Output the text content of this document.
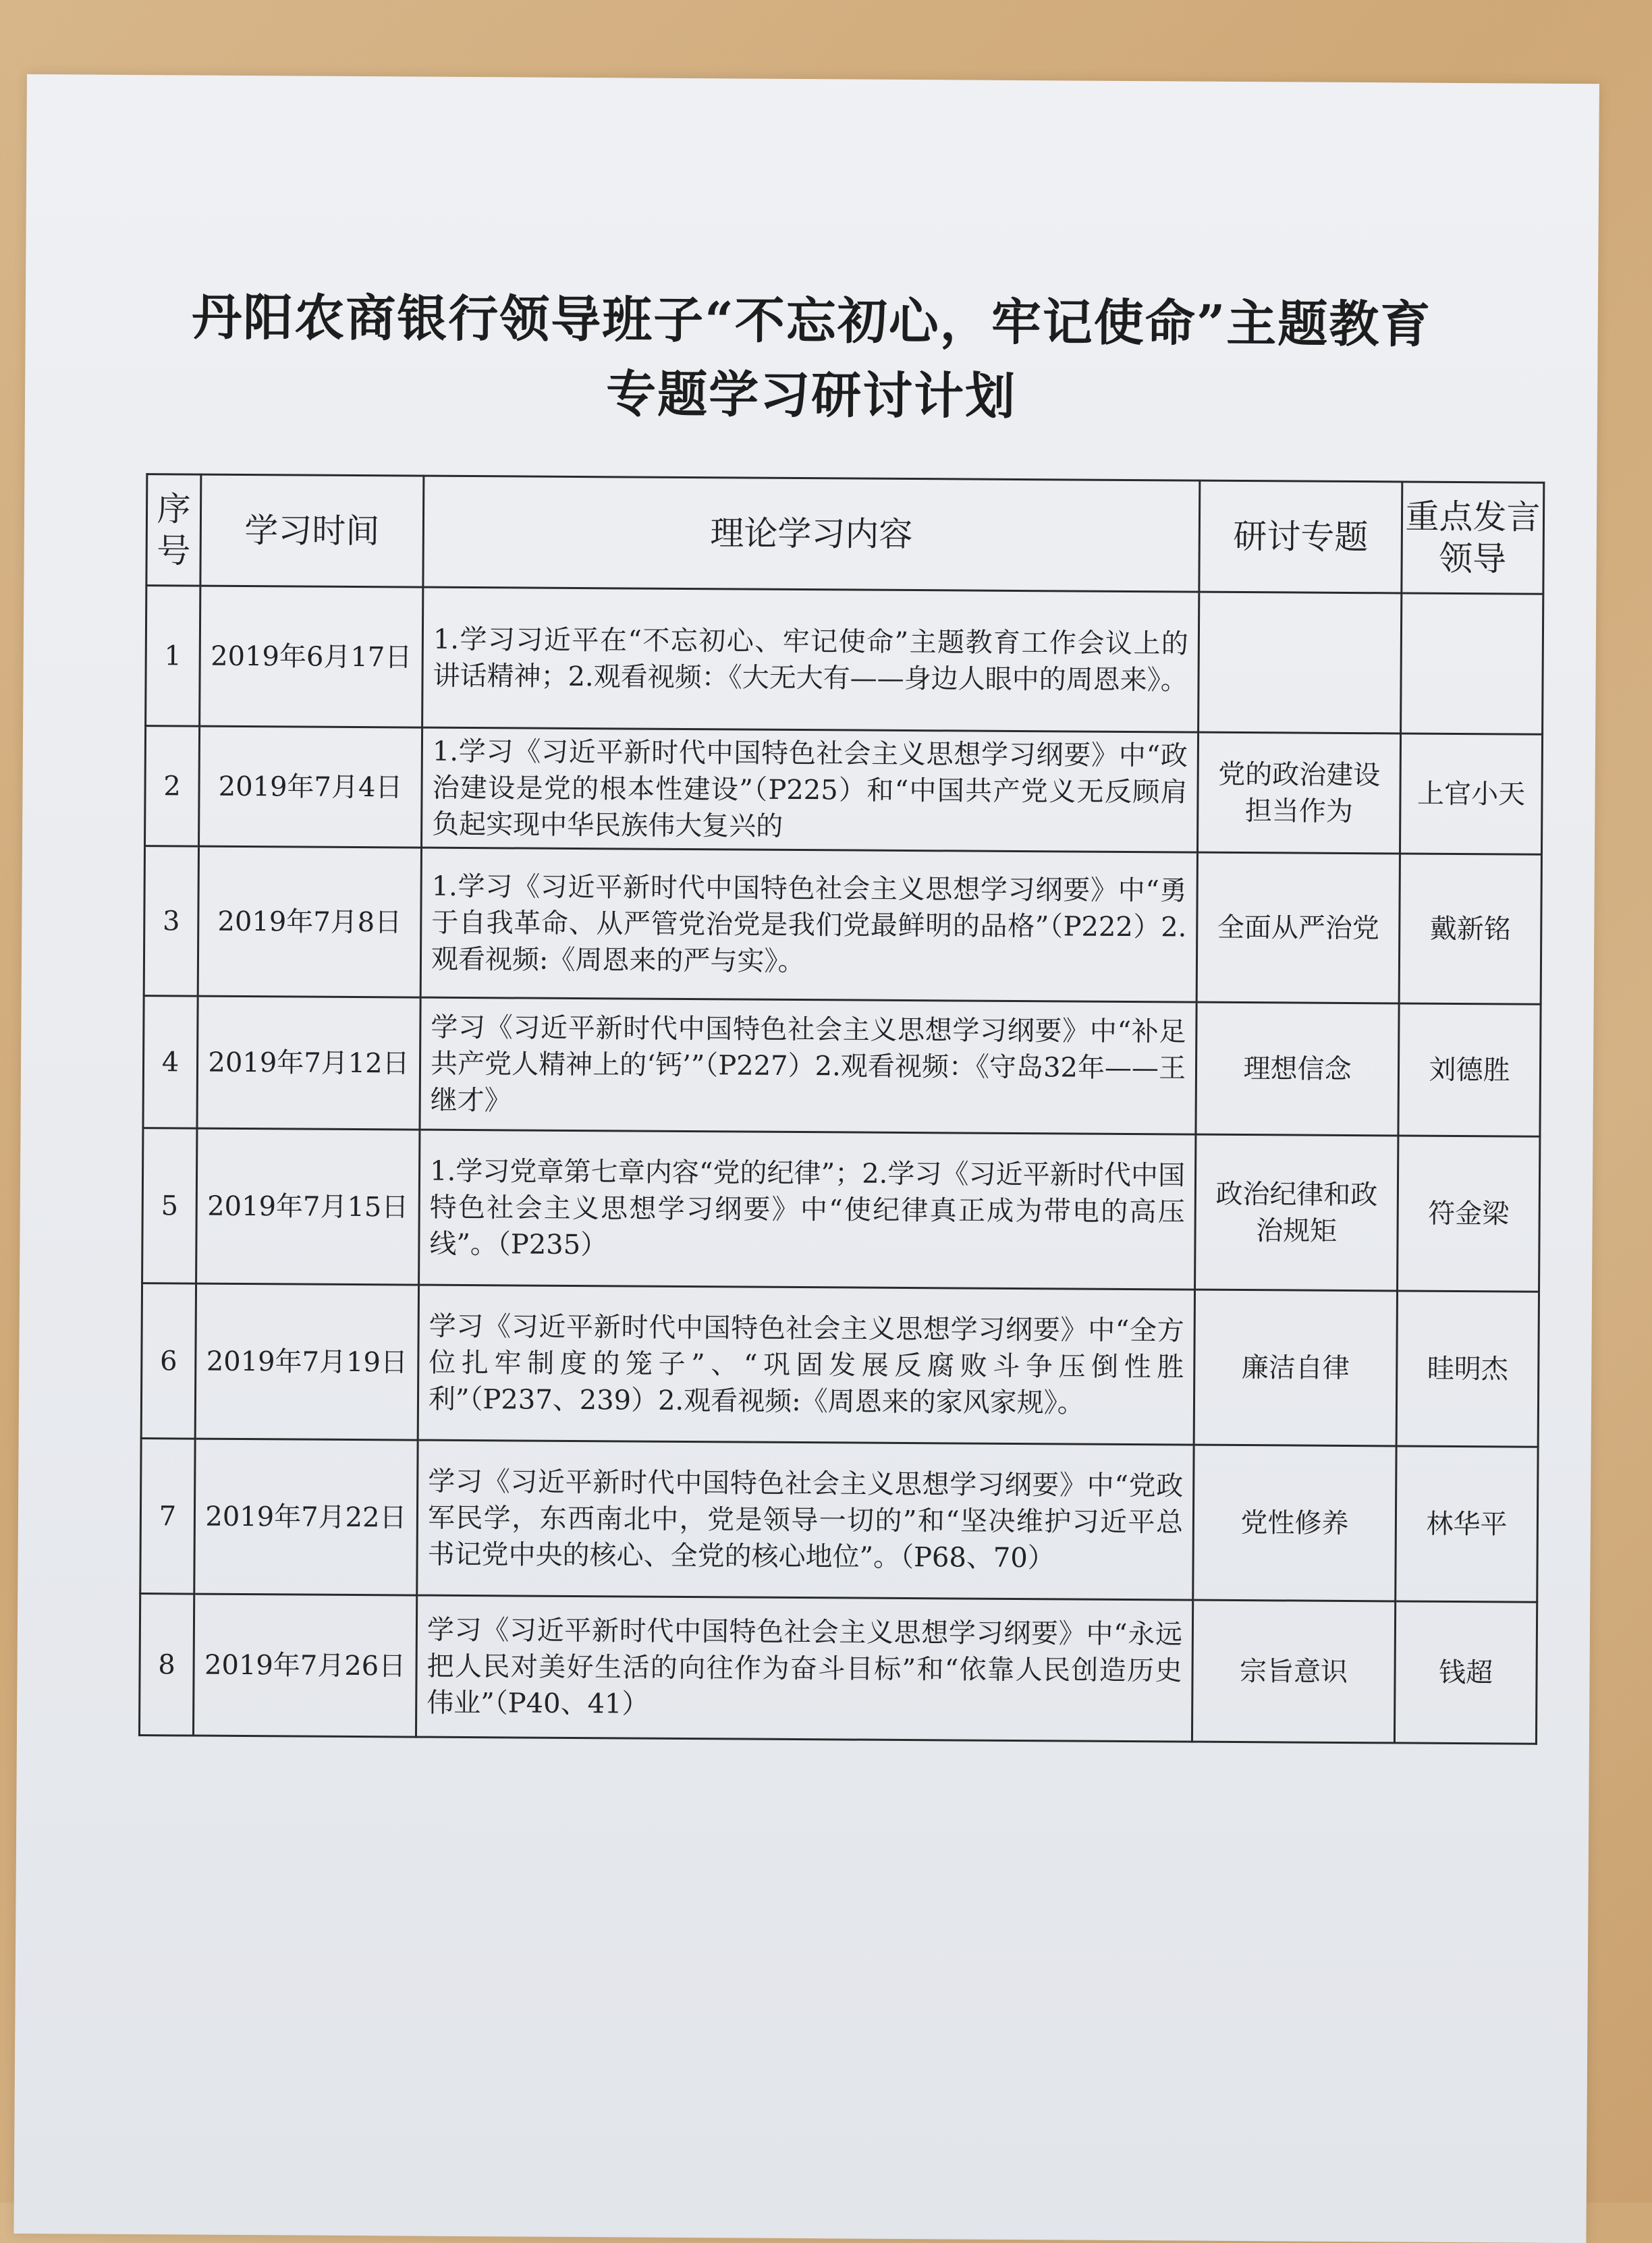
丹阳农商银行领导班子“不忘初心，牢记使命”主题教育
专题学习研讨计划
序号	学习时间	理论学习内容	研讨专题	重点发言领导
1	2019年6月17日	1.学习习近平在“不忘初心、牢记使命”主题教育工作会议上的讲话精神；2.观看视频：《大无大有——身边人眼中的周恩来》。		
2	2019年7月4日	1.学习《习近平新时代中国特色社会主义思想学习纲要》中“政治建设是党的根本性建设”（P225）和“中国共产党义无反顾肩负起实现中华民族伟大复兴的	党的政治建设担当作为	上官小天
3	2019年7月8日	1.学习《习近平新时代中国特色社会主义思想学习纲要》中“勇于自我革命、从严管党治党是我们党最鲜明的品格”（P222）2.观看视频:《周恩来的严与实》。	全面从严治党	戴新铭
4	2019年7月12日	学习《习近平新时代中国特色社会主义思想学习纲要》中“补足共产党人精神上的‘钙’”（P227）2.观看视频：《守岛32年——王继才》	理想信念	刘德胜
5	2019年7月15日	1.学习党章第七章内容“党的纪律”；2.学习《习近平新时代中国特色社会主义思想学习纲要》中“使纪律真正成为带电的高压线”。（P235）	政治纪律和政治规矩	符金梁
6	2019年7月19日	学习《习近平新时代中国特色社会主义思想学习纲要》中“全方位扎牢制度的笼子”、“巩固发展反腐败斗争压倒性胜利”（P237、239）2.观看视频:《周恩来的家风家规》。	廉洁自律	眭明杰
7	2019年7月22日	学习《习近平新时代中国特色社会主义思想学习纲要》中“党政军民学，东西南北中，党是领导一切的”和“坚决维护习近平总书记党中央的核心、全党的核心地位”。（P68、70）	党性修养	林华平
8	2019年7月26日	学习《习近平新时代中国特色社会主义思想学习纲要》中“永远把人民对美好生活的向往作为奋斗目标”和“依靠人民创造历史伟业”（P40、41）	宗旨意识	钱超
